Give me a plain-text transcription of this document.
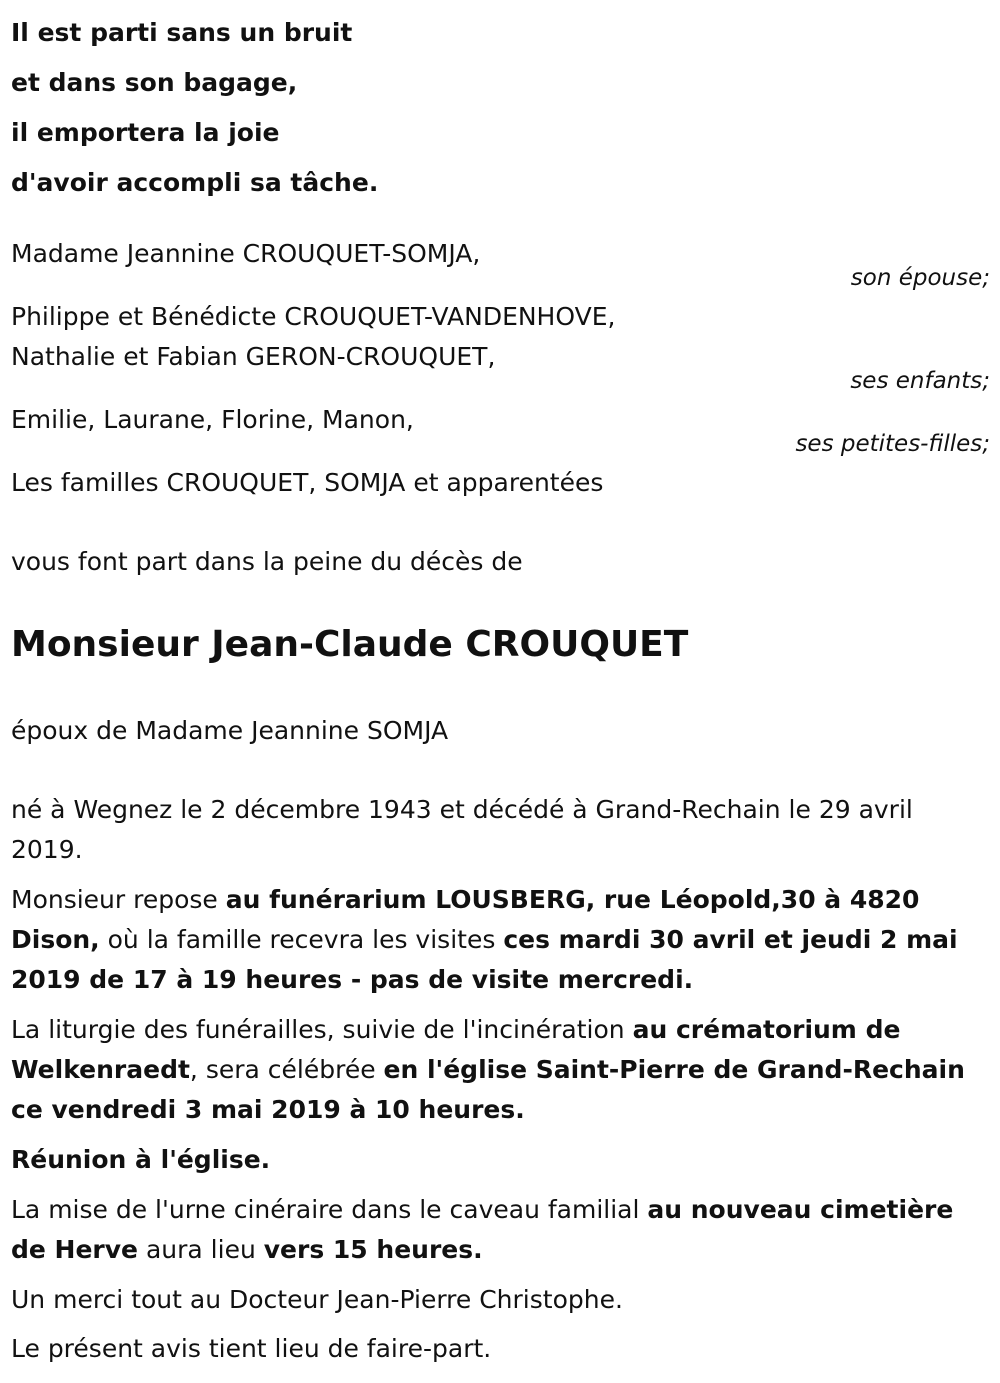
Il est parti sans un bruit
et dans son bagage,
il emportera la joie
d'avoir accompli sa tâche.
Madame Jeannine CROUQUET-SOMJA,
son épouse;
Philippe et Bénédicte CROUQUET-VANDENHOVE,
Nathalie et Fabian GERON-CROUQUET,
ses enfants;
Emilie, Laurane, Florine, Manon,
ses petites-filles;
Les familles CROUQUET, SOMJA et apparentées
vous font part dans la peine du décès de
Monsieur Jean-Claude CROUQUET
époux de Madame Jeannine SOMJA
né à Wegnez le 2 décembre 1943 et décédé à Grand-Rechain le 29 avril 2019.
Monsieur repose au funérarium LOUSBERG, rue Léopold,30 à 4820 Dison, où la famille recevra les visites ces mardi 30 avril et jeudi 2 mai 2019 de 17 à 19 heures - pas de visite mercredi.
La liturgie des funérailles, suivie de l'incinération au crématorium de Welkenraedt, sera célébrée en l'église Saint-Pierre de Grand-Rechain ce vendredi 3 mai 2019 à 10 heures.
Réunion à l'église.
La mise de l'urne cinéraire dans le caveau familial au nouveau cimetière de Herve aura lieu vers 15 heures.
Un merci tout au Docteur Jean-Pierre Christophe.
Le présent avis tient lieu de faire-part.
